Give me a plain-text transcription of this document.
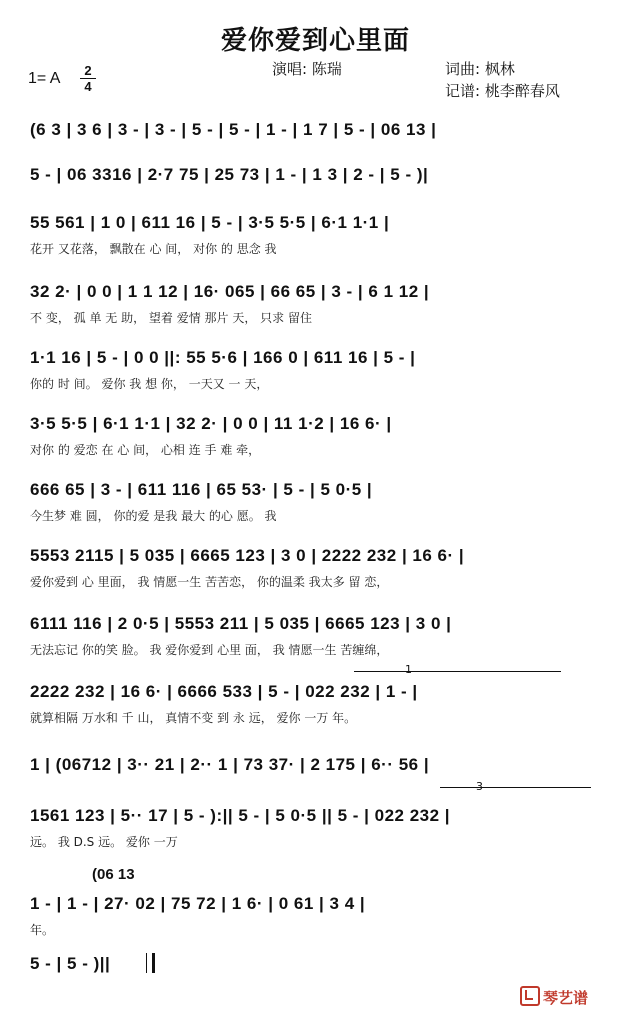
爱你爱到心里面
1= A	2
4
演唱: 陈瑞	词曲: 枫林
记谱: 桃李醉春风
(6 3 | 3 6 | 3 - | 3 - | 5 - | 5 - | 1 - | 1 7 | 5 - | 06 13 |
5 - | 06 3316 | 2·7 75 | 25 73 | 1 - | 1 3 | 2 - | 5 - )|
55 561 | 1 0 | 611 16 | 5 - | 3·5 5·5 | 6·1 1·1 |
花开 又花落， 飘散在 心 间， 对你 的 思念 我
32 2· | 0 0 | 1 1 12 | 16· 065 | 66 65 | 3 - | 6 1 12 |
不 变， 孤 单 无 助， 望着 爱情 那片 天， 只求 留住
1·1 16 | 5 - | 0 0 ||: 55 5·6 | 166 0 | 611 16 | 5 - |
你的 时 间。 爱你 我 想 你， 一天又 一 天，
3·5 5·5 | 6·1 1·1 | 32 2· | 0 0 | 11 1·2 | 16 6· |
对你 的 爱恋 在 心 间， 心相 连 手 难 牵，
666 65 | 3 - | 611 116 | 65 53· | 5 - | 5 0·5 |
今生梦 难 圆， 你的爱 是我 最大 的心 愿。 我
5553 2115 | 5 035 | 6665 123 | 3 0 | 2222 232 | 16 6· |
爱你爱到 心 里面， 我 情愿一生 苦苦恋， 你的温柔 我太多 留 恋，
6111 116 | 2 0·5 | 5553 211 | 5 035 | 6665 123 | 3 0 |
无法忘记 你的笑 脸。 我 爱你爱到 心里 面， 我 情愿一生 苦缠绵，
1
2222 232 | 16 6· | 6666 533 | 5 - | 022 232 | 1 - |
就算相隔 万水和 千 山， 真情不变 到 永 远， 爱你 一万 年。
1 | (06712 | 3·· 21 | 2·· 1 | 73 37· | 2 175 | 6·· 56 |
3
1561 123 | 5·· 17 | 5 - ):|| 5 - | 5 0·5 || 5 - | 022 232 |
远。 我 D.S 远。 爱你 一万
(06 13
1 - | 1 - | 27· 02 | 75 72 | 1 6· | 0 61 | 3 4 |
年。
5 - | 5 - )||
琴艺谱
